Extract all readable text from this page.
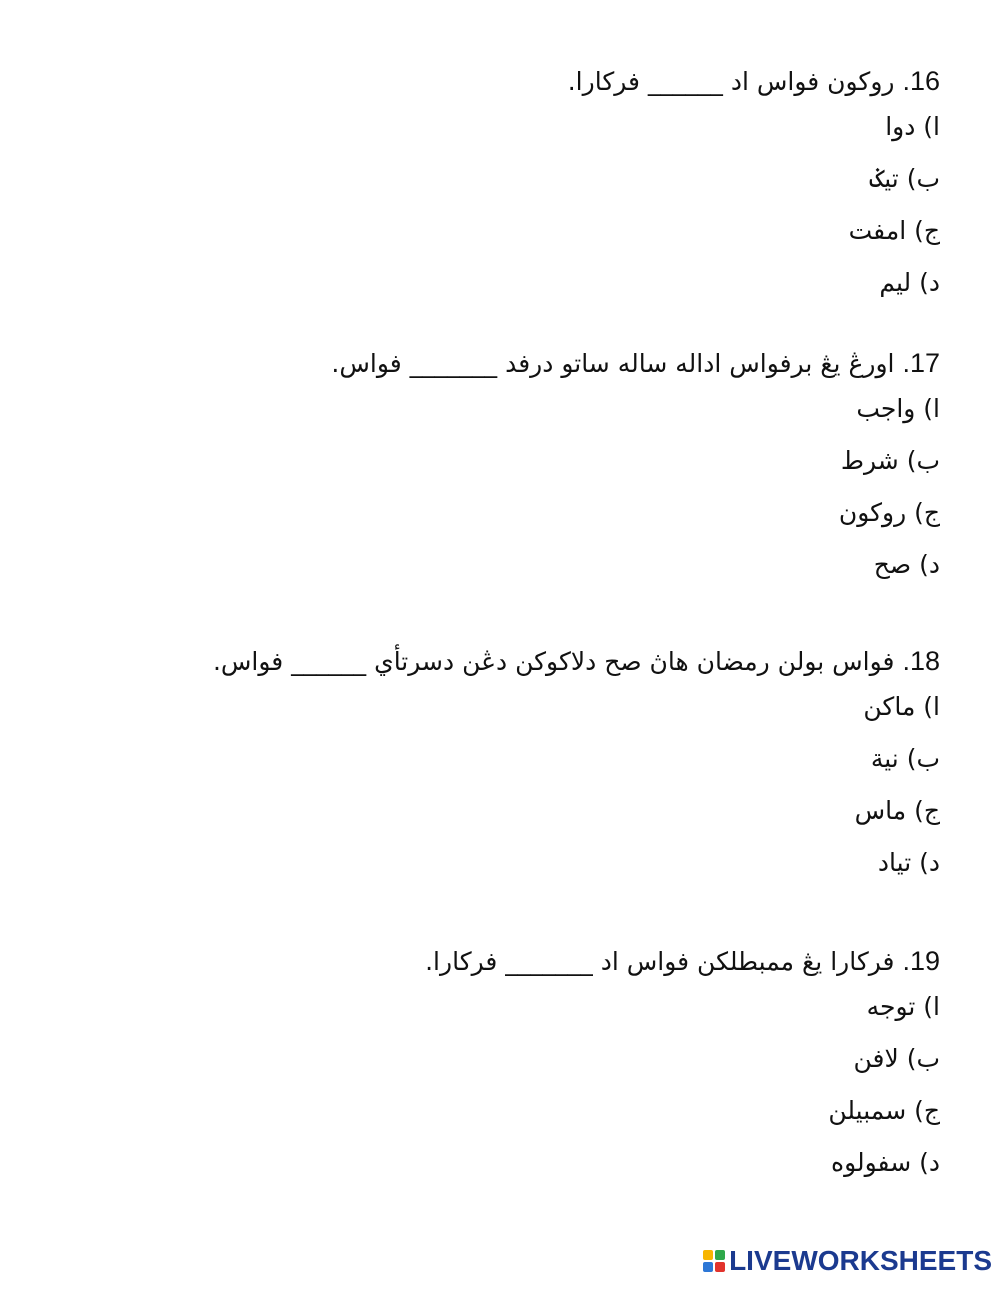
16. روكون فواس اد ______ فركارا.
ا) دوا
ب) تيݢ
ج) امفت
د) ليم
17. اورڠ يڠ برفواس اداله ساله ساتو درفد _______ فواس.
ا) واجب
ب) شرط
ج) روكون
د) صح
18. فواس بولن رمضان هاڽ صح دلاكوكن دڠن دسرتأي ______ فواس.
ا) ماكن
ب) نية
ج) ماس
د) تياد
19. فركارا يڠ ممبطلكن فواس اد _______ فركارا.
ا) توجه
ب) لافن
ج) سمبيلن
د) سفولوه
LIVEWORKSHEETS
